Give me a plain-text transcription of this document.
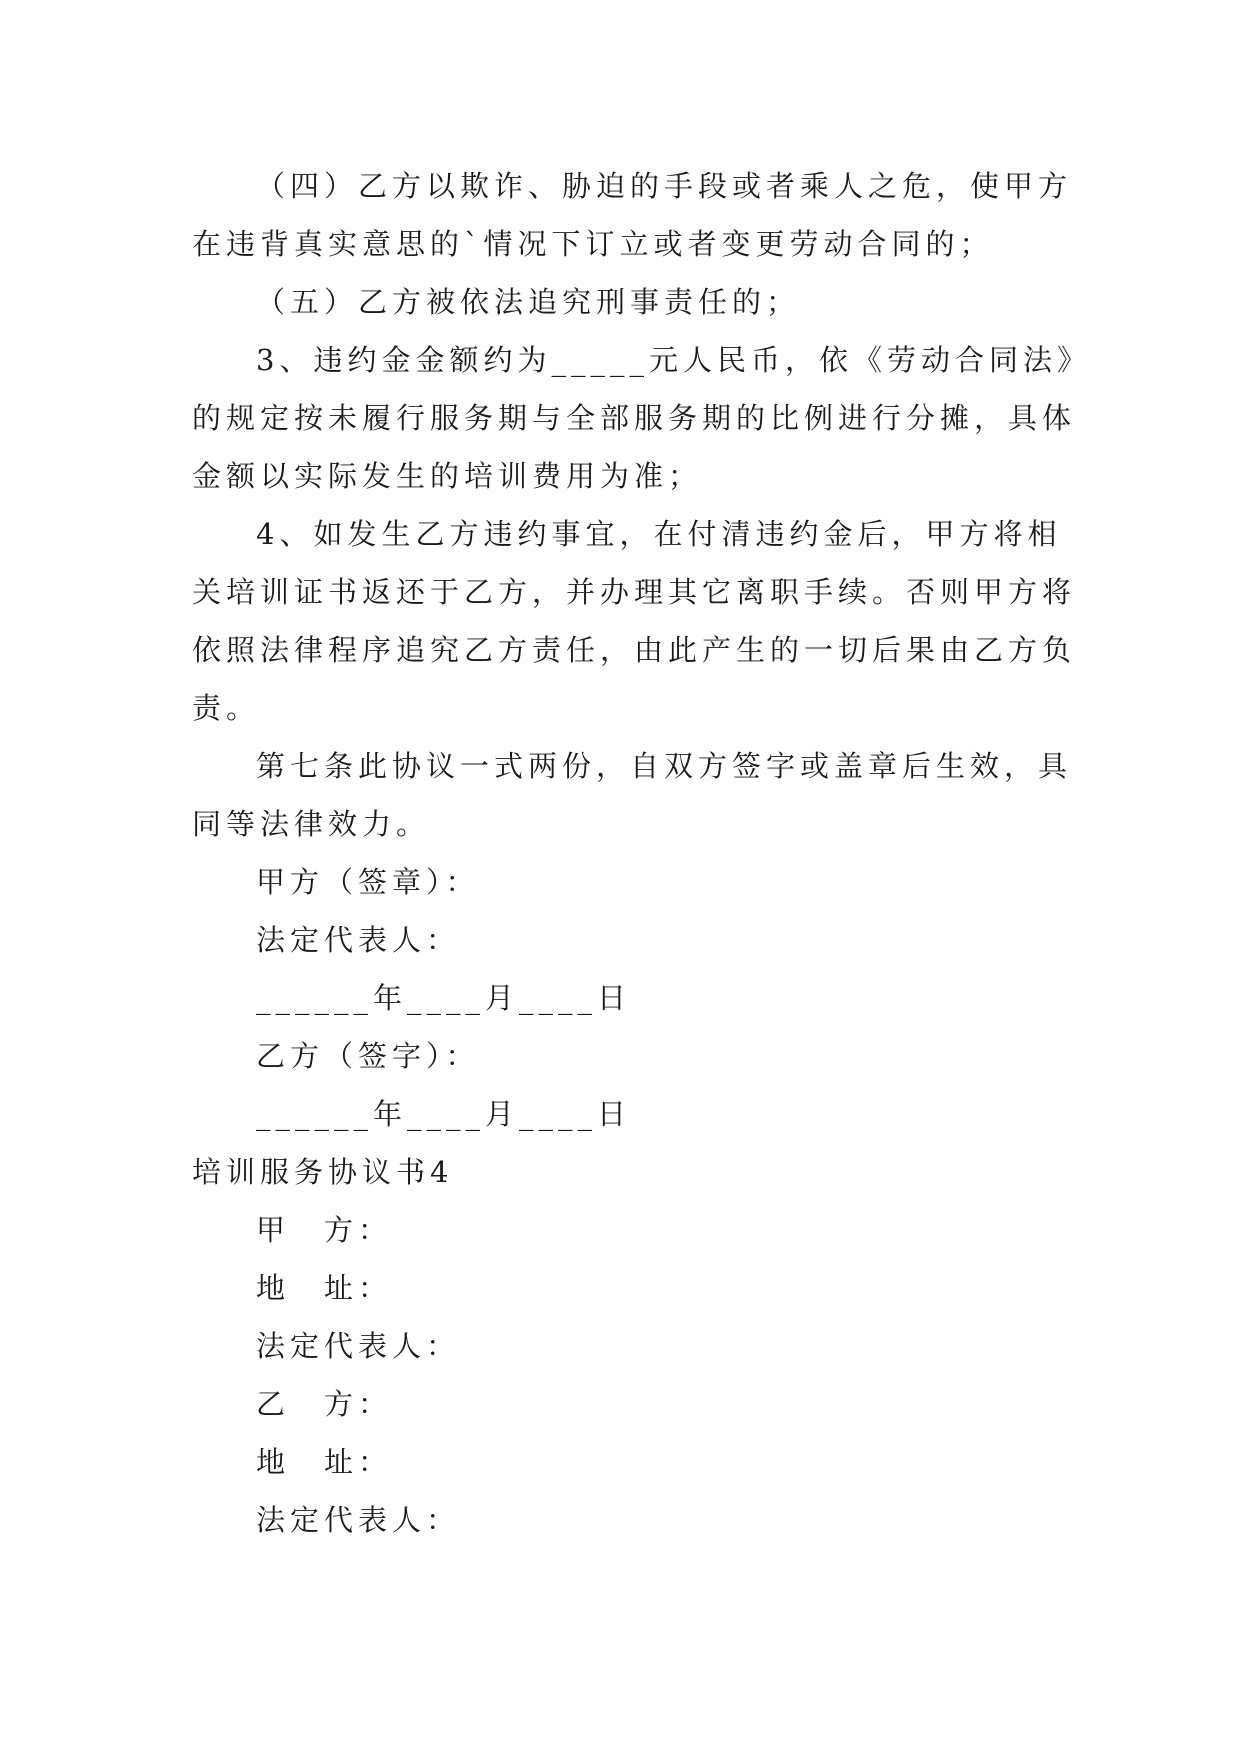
（四）乙方以欺诈、胁迫的手段或者乘人之危，使甲方
在违背真实意思的`情况下订立或者变更劳动合同的；
（五）乙方被依法追究刑事责任的；
3、违约金金额约为_____元人民币，依《劳动合同法》
的规定按未履行服务期与全部服务期的比例进行分摊，具体
金额以实际发生的培训费用为准；
4、如发生乙方违约事宜，在付清违约金后，甲方将相
关培训证书返还于乙方，并办理其它离职手续。否则甲方将
依照法律程序追究乙方责任，由此产生的一切后果由乙方负
责。
第七条此协议一式两份，自双方签字或盖章后生效，具
同等法律效力。
甲方（签章）：
法定代表人：
______年____月____日
乙方（签字）：
______年____月____日
培训服务协议书4
甲　方：
地　址：
法定代表人：
乙　方：
地　址：
法定代表人：
